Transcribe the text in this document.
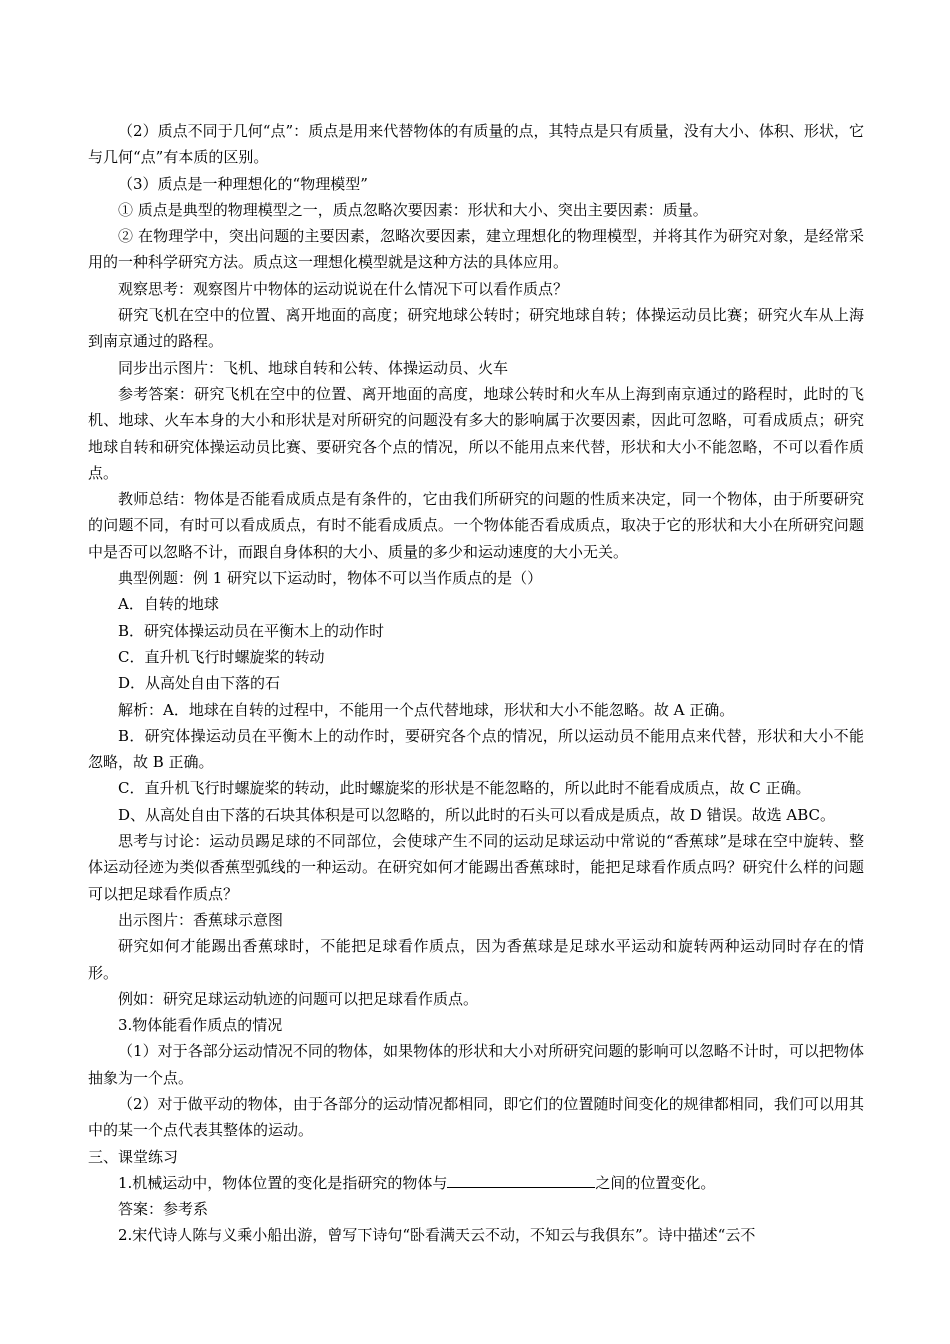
（2）质点不同于几何“点”：质点是用来代替物体的有质量的点，其特点是只有质量，没有大小、体积、形状，它与几何“点”有本质的区别。

（3）质点是一种理想化的“物理模型”

① 质点是典型的物理模型之一，质点忽略次要因素：形状和大小、突出主要因素：质量。

② 在物理学中，突出问题的主要因素，忽略次要因素，建立理想化的物理模型，并将其作为研究对象，是经常采用的一种科学研究方法。质点这一理想化模型就是这种方法的具体应用。

观察思考：观察图片中物体的运动说说在什么情况下可以看作质点？

研究飞机在空中的位置、离开地面的高度；研究地球公转时；研究地球自转；体操运动员比赛；研究火车从上海到南京通过的路程。

同步出示图片：飞机、地球自转和公转、体操运动员、火车

参考答案：研究飞机在空中的位置、离开地面的高度，地球公转时和火车从上海到南京通过的路程时，此时的飞机、地球、火车本身的大小和形状是对所研究的问题没有多大的影响属于次要因素，因此可忽略，可看成质点；研究地球自转和研究体操运动员比赛、要研究各个点的情况，所以不能用点来代替，形状和大小不能忽略，不可以看作质点。

教师总结：物体是否能看成质点是有条件的，它由我们所研究的问题的性质来决定，同一个物体，由于所要研究的问题不同，有时可以看成质点，有时不能看成质点。一个物体能否看成质点，取决于它的形状和大小在所研究问题中是否可以忽略不计，而跟自身体积的大小、质量的多少和运动速度的大小无关。

典型例题：例 1 研究以下运动时，物体不可以当作质点的是（）

A．自转的地球

B．研究体操运动员在平衡木上的动作时

C．直升机飞行时螺旋桨的转动

D．从高处自由下落的石

解析：A．地球在自转的过程中，不能用一个点代替地球，形状和大小不能忽略。故 A 正确。

B．研究体操运动员在平衡木上的动作时，要研究各个点的情况，所以运动员不能用点来代替，形状和大小不能忽略，故 B 正确。

C．直升机飞行时螺旋桨的转动，此时螺旋桨的形状是不能忽略的，所以此时不能看成质点，故 C 正确。

D、从高处自由下落的石块其体积是可以忽略的，所以此时的石头可以看成是质点，故 D 错误。故选 ABC。

思考与讨论：运动员踢足球的不同部位，会使球产生不同的运动足球运动中常说的“香蕉球”是球在空中旋转、整体运动径迹为类似香蕉型弧线的一种运动。在研究如何才能踢出香蕉球时，能把足球看作质点吗？研究什么样的问题可以把足球看作质点？

出示图片：香蕉球示意图

研究如何才能踢出香蕉球时，不能把足球看作质点，因为香蕉球是足球水平运动和旋转两种运动同时存在的情形。

例如：研究足球运动轨迹的问题可以把足球看作质点。

3.物体能看作质点的情况

（1）对于各部分运动情况不同的物体，如果物体的形状和大小对所研究问题的影响可以忽略不计时，可以把物体抽象为一个点。

（2）对于做平动的物体，由于各部分的运动情况都相同，即它们的位置随时间变化的规律都相同，我们可以用其中的某一个点代表其整体的运动。

三、课堂练习

1.机械运动中，物体位置的变化是指研究的物体与	之间的位置变化。

答案：参考系

2.宋代诗人陈与义乘小船出游，曾写下诗句“卧看满天云不动，不知云与我俱东”。诗中描述“云不
